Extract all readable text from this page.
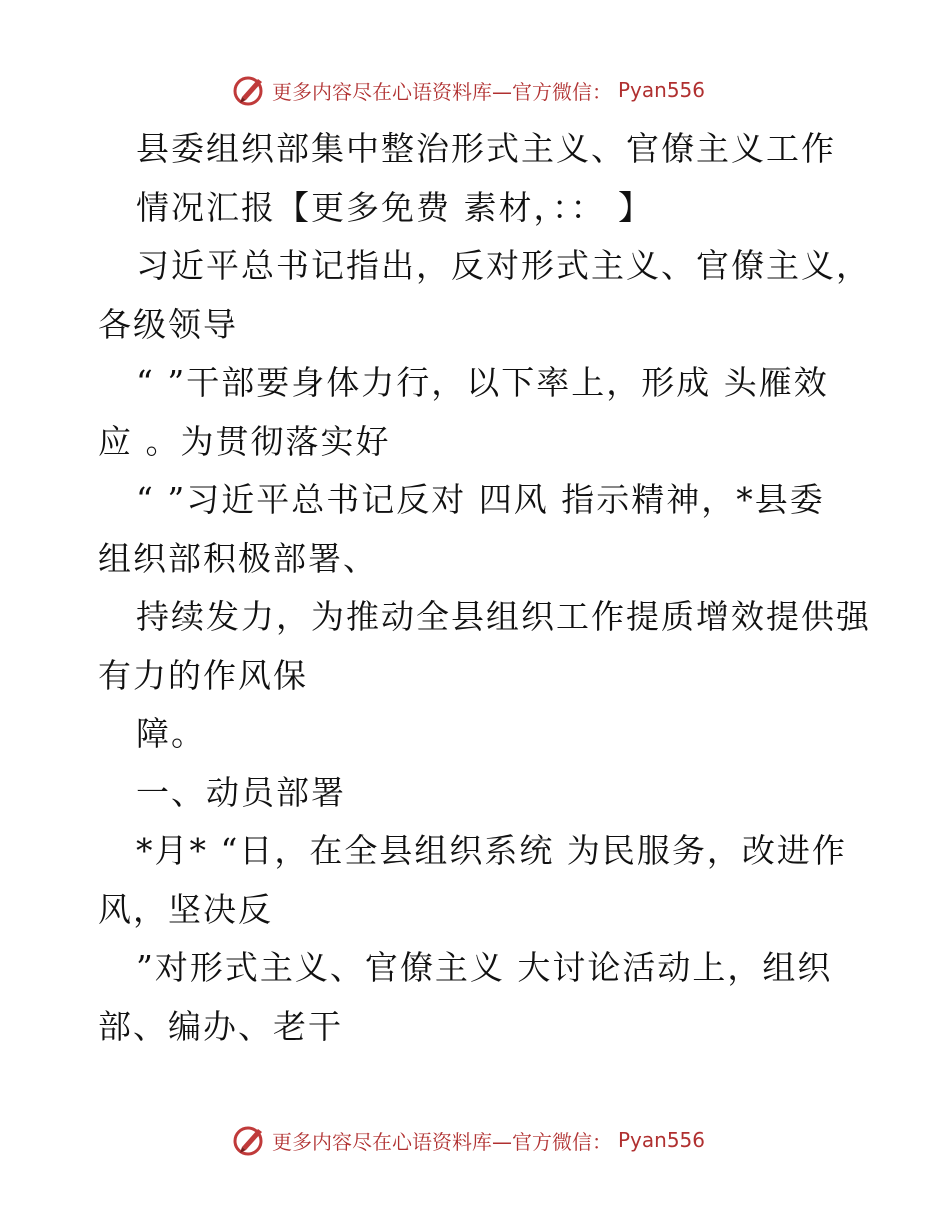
更多内容尽在心语资料库—官方微信： Pyan556
县委组织部集中整治形式主义、官僚主义工作
情况汇报【更多免费 素材，：： 】
习近平总书记指出，反对形式主义、官僚主义，
各级领导
“ ”干部要身体力行，以下率上，形成 头雁效
应 。为贯彻落实好
“ ”习近平总书记反对 四风 指示精神，*县委
组织部积极部署、
持续发力，为推动全县组织工作提质增效提供强
有力的作风保
障。
一、动员部署
*月* “日，在全县组织系统 为民服务，改进作
风，坚决反
”对形式主义、官僚主义 大讨论活动上，组织
部、编办、老干
更多内容尽在心语资料库—官方微信： Pyan556
